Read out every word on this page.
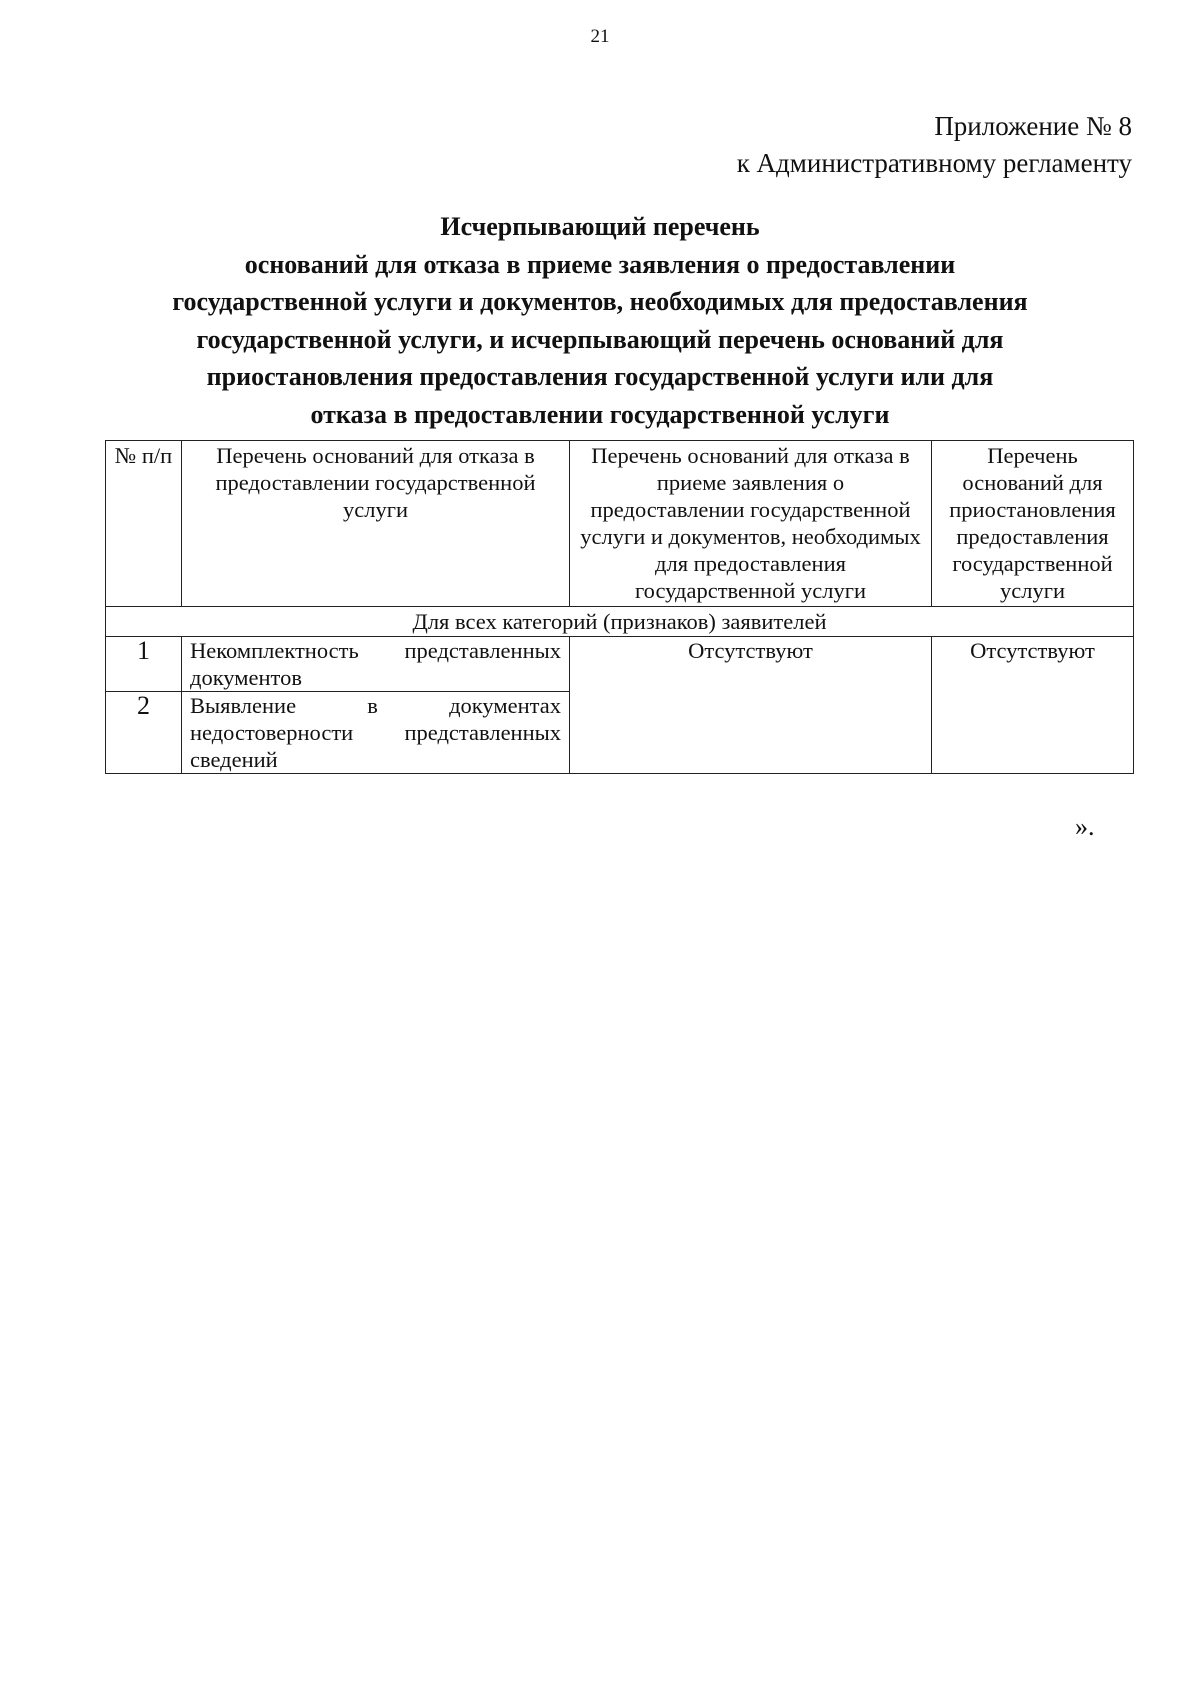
21
Приложение № 8
к Административному регламенту
Исчерпывающий перечень
оснований для отказа в приеме заявления о предоставлении
государственной услуги и документов, необходимых для предоставления
государственной услуги, и исчерпывающий перечень оснований для
приостановления предоставления государственной услуги или для
отказа в предоставлении государственной услуги
№ п/п	Перечень оснований для отказа в предоставлении государственной услуги	Перечень оснований для отказа в приеме заявления о предоставлении государственной услуги и документов, необходимых для предоставления государственной услуги	Перечень оснований для приостановления предоставления государственной услуги
Для всех категорий (признаков) заявителей			
1	Некомплектность представленных документов	Отсутствуют	Отсутствуют
2	Выявление в документах недостоверности представленных сведений		
».
